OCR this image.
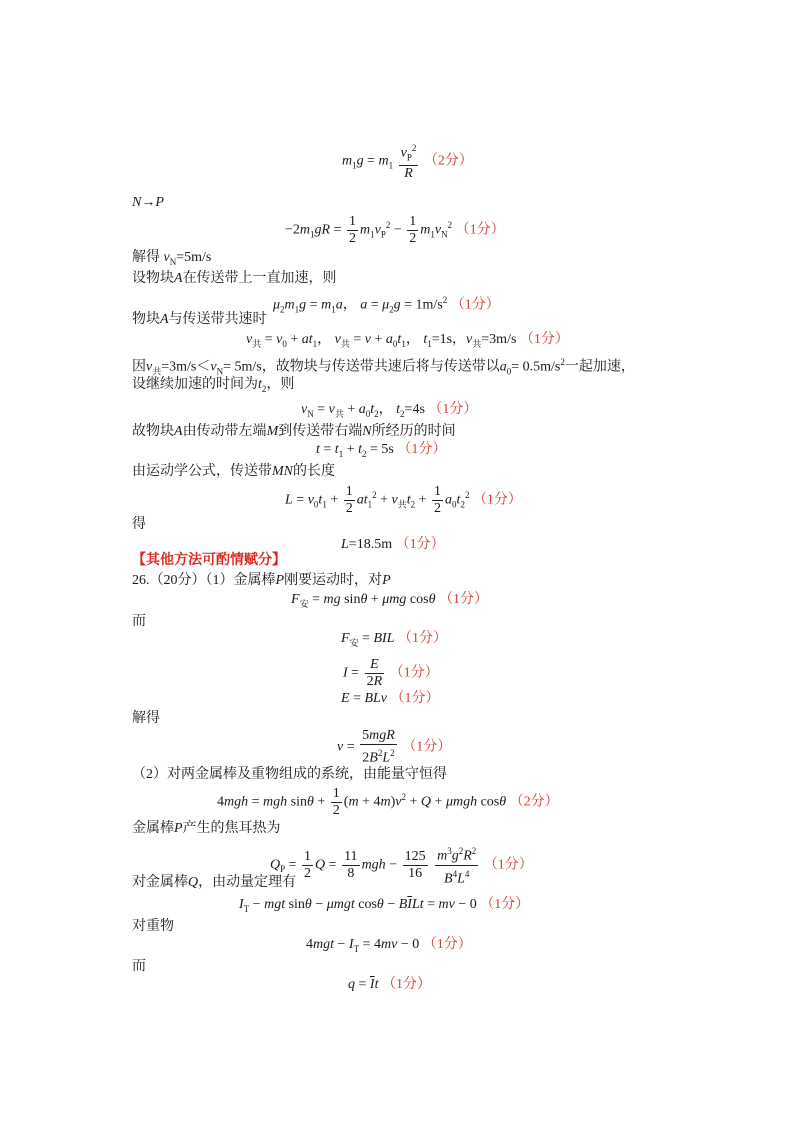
$m_1g = m_1 \frac{v_P^2}{R} (2$分）
N→P
$-2m_1gR = \frac{1}{2} m_1v_P^2 - \frac{1}{2} m_1v_N^2$ （1分）
解得 $v_N=5m/s$
设物块A在传送带上一直加速，则
$\mu_2m_1g = m_1a$， $a = \mu_2g = 1m/s^2$ （1分）
物块A与传送带共速时
$v_共 = v_0 + at_1$， $v_共 = v + a_0t_1$， $t_1=1s$，$v_共=3m/s$ （1分）
因$v_共=3m/s<v_N= 5m/s$，故物块与传送带共速后将与传送带以$a_0= 0.5m/s^2$一起加速，
设继续加速的时间为$t_2$，则
$v_N = v_共 + a_0t_2$， $t_2=4s$ （1分）
故物块A由传动带左端M到传送带右端N所经历的时间
$t = t_1 + t_2 = 5s$ （1分）
由运动学公式，传送带MN的长度
$L = v_0t_1 + \frac{1}{2} at_1^2 + v_共t_2 + \frac{1}{2} a_0t_2^2$ （1分）
得
L=18.5m （1分）
【其他方法可酌情赋分】
26.（20分）（1）金属棒P刚要运动时，对P
$F_安$ = mg sinθ + μmg cosθ （1分）
而
$F_安$ = BIL （1分）
$I = \frac{E}{2R} (1$分）
E = BLv （1分）
解得
$v = \frac{\text{5mgR}}{2B^2L^2} (1$分）
（2）对两金属棒及重物组成的系统，由能量守恒得
4mgh = mgh $\sin\theta + \frac{1}{2} (m + 4m)v^2 + Q + \mu mgh$ cosθ （2分）
金属棒P产生的焦耳热为
$Q_P = \frac{1}{2}$ $Q = \frac{11}{8}$ mgh − $\frac{125}{16}$
$\frac{m^3g^2R^2}{B^4L^4} (1$分）
对金属棒Q，由动量定理有
$I_T$ − mgt sinθ − μmgt $\cos\theta - B\overline{I}Lt$ = mv − 0 （1分）
对重物
$4mgt - I_T = 4mv - 0$ （1分）
而
$q = \overline{I}t$ （1分）
